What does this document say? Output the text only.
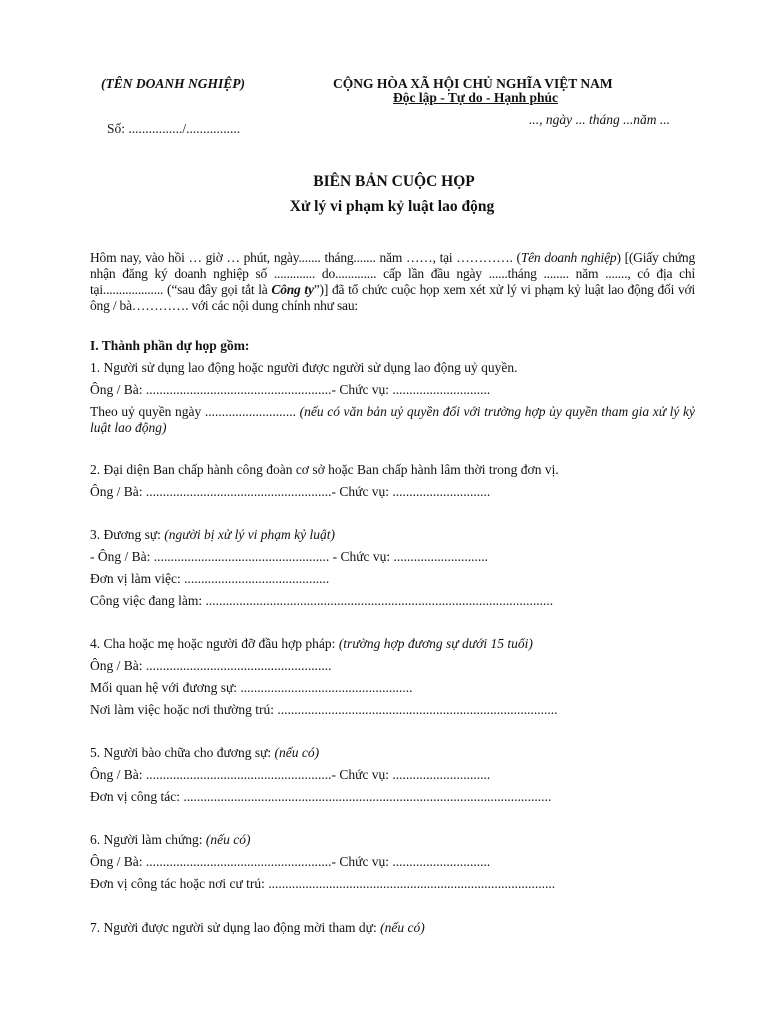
(TÊN DOANH NGHIỆP)	CỘNG HÒA XÃ HỘI CHỦ NGHĨA VIỆT NAM
Độc lập - Tự do - Hạnh phúc
Số: ................/................
..., ngày ... tháng ...năm ...
BIÊN BẢN CUỘC HỌP
Xử lý vi phạm kỷ luật lao động
Hôm nay, vào hồi … giờ … phút, ngày....... tháng....... năm ……, tại …………. (Tên doanh nghiệp) [(Giấy chứng nhận đăng ký doanh nghiệp số ............. do............. cấp lần đầu ngày ......tháng ........ năm ......., có địa chỉ tại................... (“sau đây gọi tắt là Công ty”)] đã tổ chức cuộc họp xem xét xử lý vi phạm kỷ luật lao động đối với ông / bà…………. với các nội dung chính như sau:
I. Thành phần dự họp gồm:
1. Người sử dụng lao động hoặc người được người sử dụng lao động uỷ quyền.
Ông / Bà: .......................................................- Chức vụ: .............................
Theo uỷ quyền ngày ........................... (nếu có văn bản uỷ quyền đối với trường hợp ủy quyền tham gia xử lý kỷ luật lao động)
2. Đại diện Ban chấp hành công đoàn cơ sở hoặc Ban chấp hành lâm thời trong đơn vị.
Ông / Bà: .......................................................- Chức vụ: .............................
3. Đương sự: (người bị xử lý vi phạm kỷ luật)
- Ông / Bà: .................................................... - Chức vụ: ............................
Đơn vị làm việc: ...........................................
Công việc đang làm: .......................................................................................................
4. Cha hoặc mẹ hoặc người đỡ đầu hợp pháp: (trường hợp đương sự dưới 15 tuổi)
Ông / Bà: .......................................................
Mối quan hệ với đương sự: ...................................................
Nơi làm việc hoặc nơi thường trú: ...................................................................................
5. Người bào chữa cho đương sự: (nếu có)
Ông / Bà: .......................................................- Chức vụ: .............................
Đơn vị công tác: .............................................................................................................
6. Người làm chứng: (nếu có)
Ông / Bà: .......................................................- Chức vụ: .............................
Đơn vị công tác hoặc nơi cư trú: .....................................................................................
7. Người được người sử dụng lao động mời tham dự: (nếu có)
